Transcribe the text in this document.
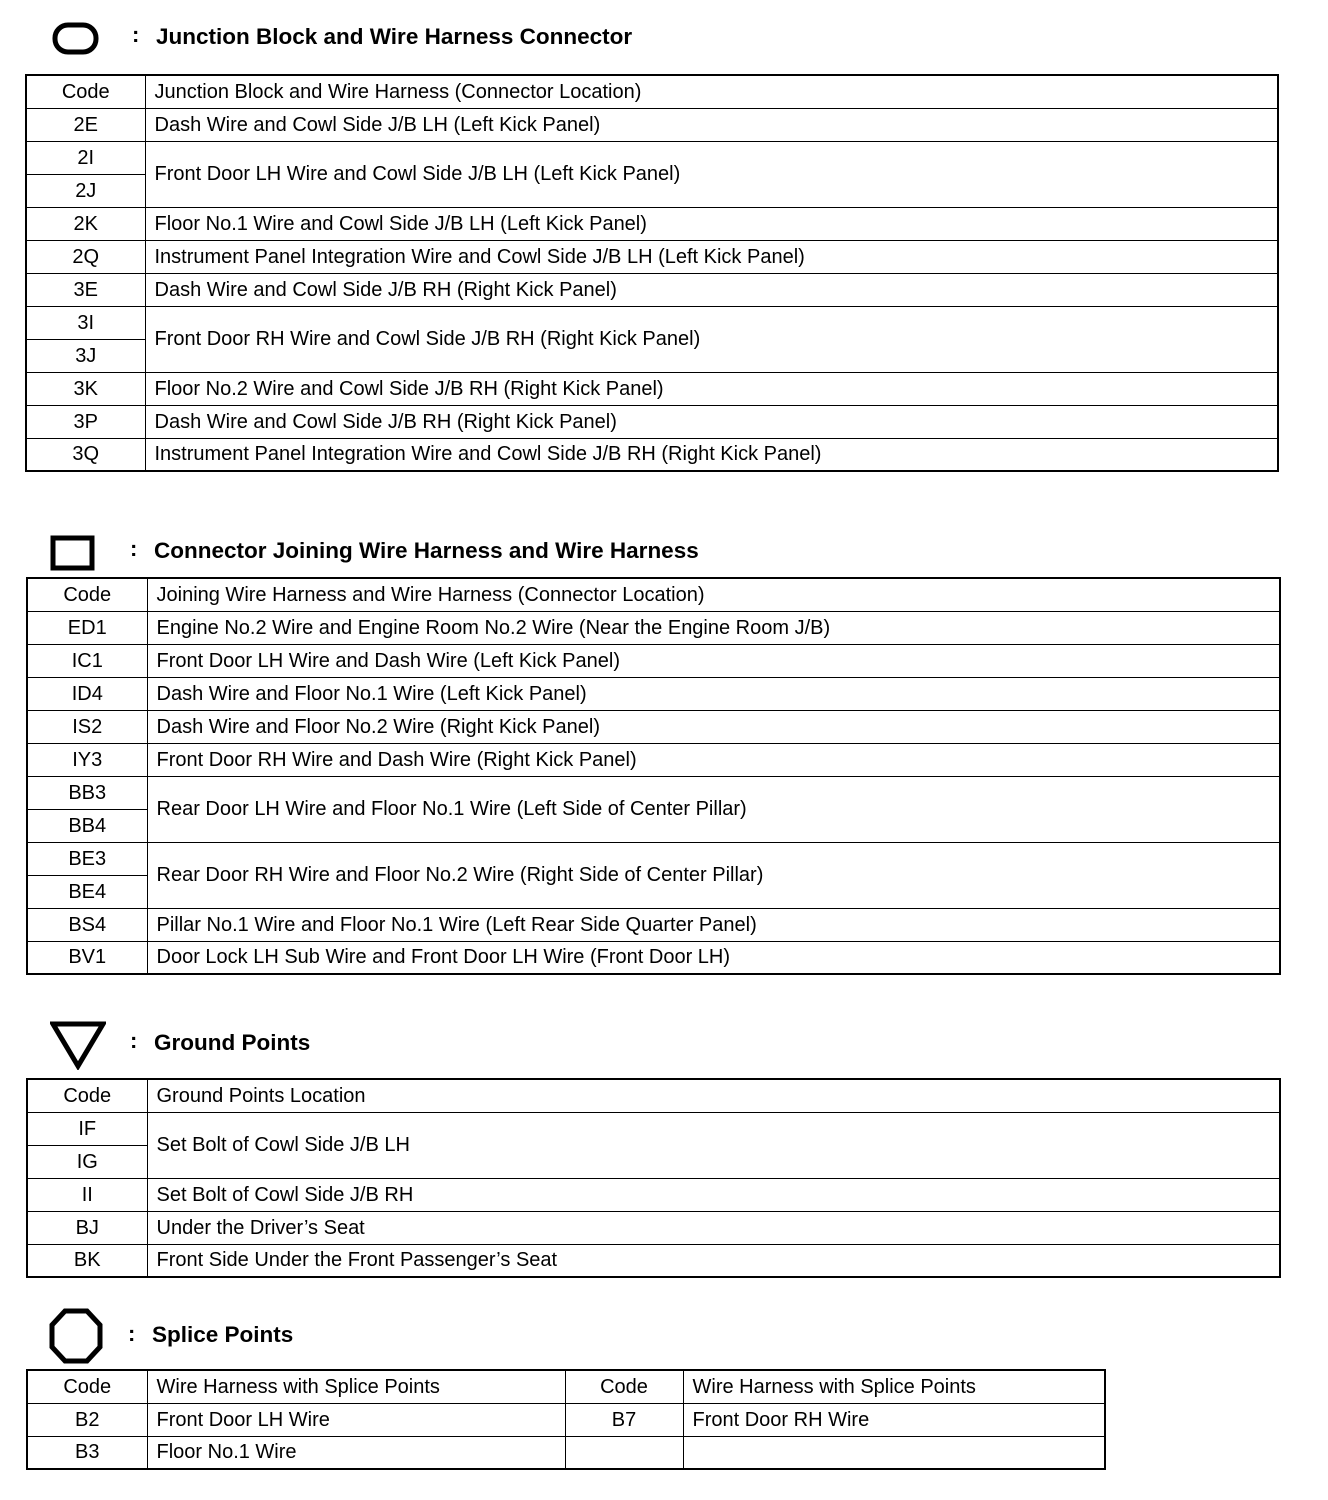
: Junction Block and Wire Harness Connector
Code	Junction Block and Wire Harness (Connector Location)
2E	Dash Wire and Cowl Side J/B LH (Left Kick Panel)
2I	Front Door LH Wire and Cowl Side J/B LH (Left Kick Panel)
2J	
2K	Floor No.1 Wire and Cowl Side J/B LH (Left Kick Panel)
2Q	Instrument Panel Integration Wire and Cowl Side J/B LH (Left Kick Panel)
3E	Dash Wire and Cowl Side J/B RH (Right Kick Panel)
3I	Front Door RH Wire and Cowl Side J/B RH (Right Kick Panel)
3J	
3K	Floor No.2 Wire and Cowl Side J/B RH (Right Kick Panel)
3P	Dash Wire and Cowl Side J/B RH (Right Kick Panel)
3Q	Instrument Panel Integration Wire and Cowl Side J/B RH (Right Kick Panel)
: Connector Joining Wire Harness and Wire Harness
Code	Joining Wire Harness and Wire Harness (Connector Location)
ED1	Engine No.2 Wire and Engine Room No.2 Wire (Near the Engine Room J/B)
IC1	Front Door LH Wire and Dash Wire (Left Kick Panel)
ID4	Dash Wire and Floor No.1 Wire (Left Kick Panel)
IS2	Dash Wire and Floor No.2 Wire (Right Kick Panel)
IY3	Front Door RH Wire and Dash Wire (Right Kick Panel)
BB3	Rear Door LH Wire and Floor No.1 Wire (Left Side of Center Pillar)
BB4	
BE3	Rear Door RH Wire and Floor No.2 Wire (Right Side of Center Pillar)
BE4	
BS4	Pillar No.1 Wire and Floor No.1 Wire (Left Rear Side Quarter Panel)
BV1	Door Lock LH Sub Wire and Front Door LH Wire (Front Door LH)
: Ground Points
Code	Ground Points Location
IF	Set Bolt of Cowl Side J/B LH
IG	
II	Set Bolt of Cowl Side J/B RH
BJ	Under the Driver’s Seat
BK	Front Side Under the Front Passenger’s Seat
: Splice Points
Code	Wire Harness with Splice Points	Code	Wire Harness with Splice Points
B2	Front Door LH Wire	B7	Front Door RH Wire
B3	Floor No.1 Wire		
